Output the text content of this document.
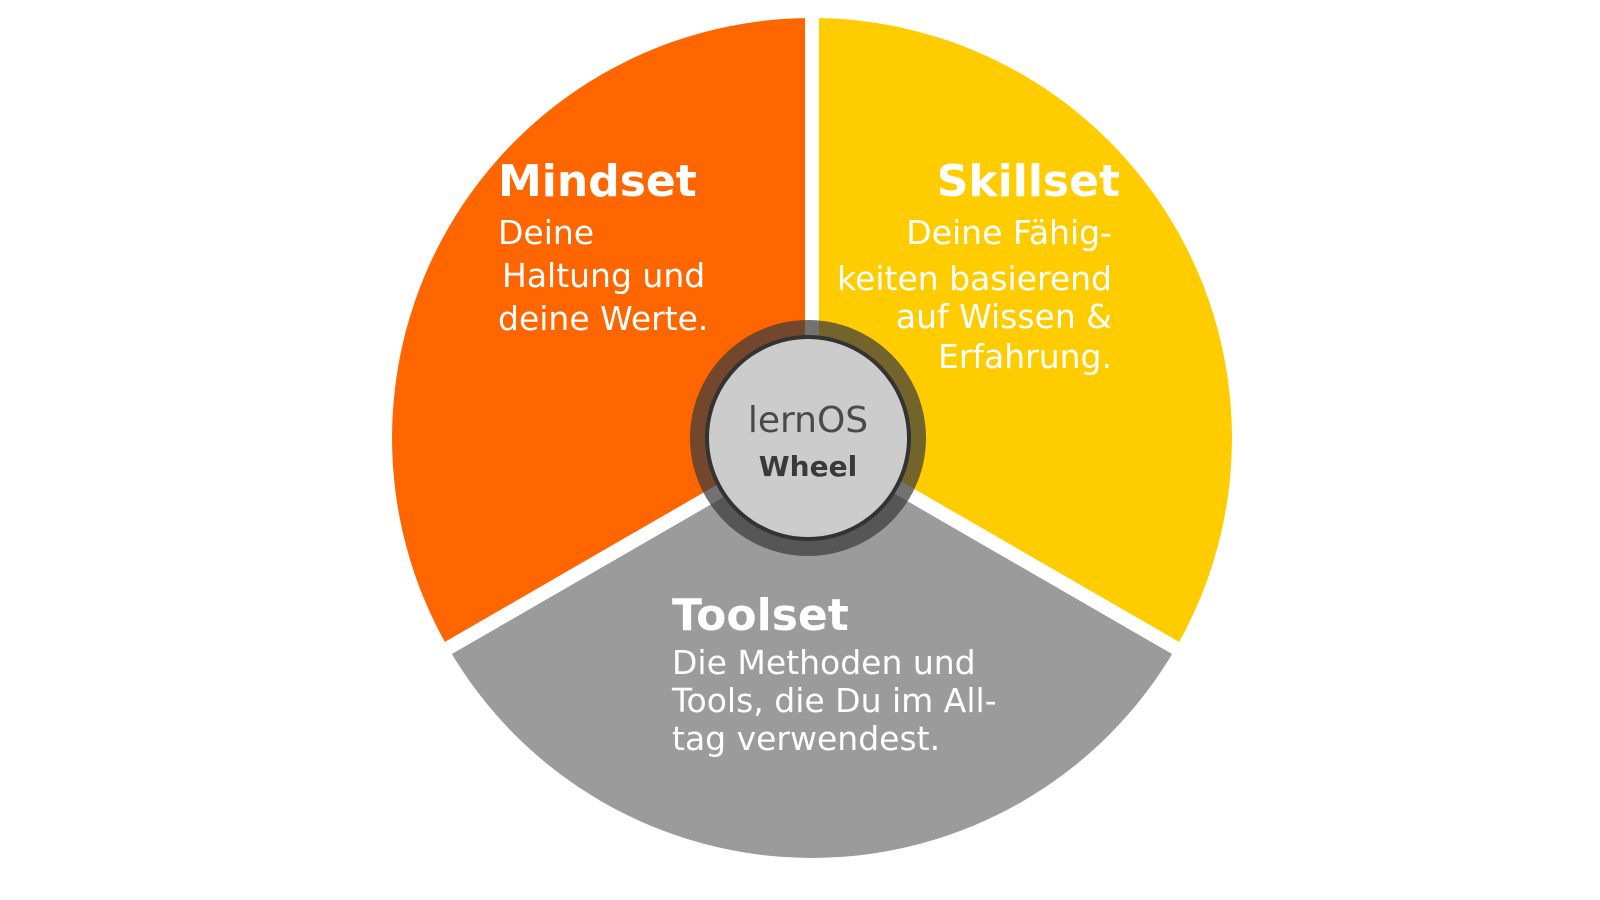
lernOS
Wheel
Mindset
Deine
Haltung und
deine Werte.
Skillset
Deine Fähig-
keiten basierend
auf Wissen &
Erfahrung.
Toolset
Die Methoden und
Tools, die Du im All-
tag verwendest.
